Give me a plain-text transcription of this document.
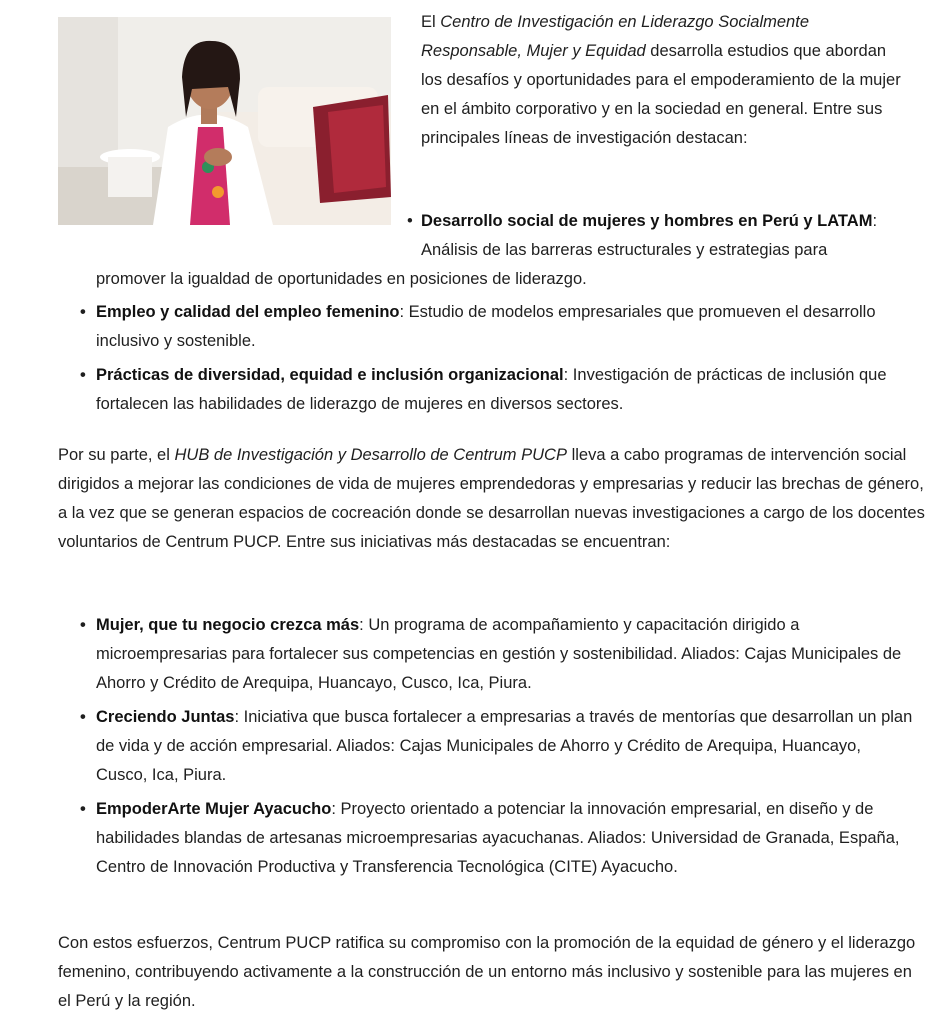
El Centro de Investigación en Liderazgo Socialmente Responsable, Mujer y Equidad desarrolla estudios que abordan los desafíos y oportunidades para el empoderamiento de la mujer en el ámbito corporativo y en la sociedad en general. Entre sus principales líneas de investigación destacan:

• Desarrollo social de mujeres y hombres en Perú y LATAM: Análisis de las barreras estructurales y estrategias para
promover la igualdad de oportunidades en posiciones de liderazgo.
• Empleo y calidad del empleo femenino: Estudio de modelos empresariales que promueven el desarrollo inclusivo y sostenible.
• Prácticas de diversidad, equidad e inclusión organizacional: Investigación de prácticas de inclusión que fortalecen las habilidades de liderazgo de mujeres en diversos sectores.

Por su parte, el HUB de Investigación y Desarrollo de Centrum PUCP lleva a cabo programas de intervención social dirigidos a mejorar las condiciones de vida de mujeres emprendedoras y empresarias y reducir las brechas de género, a la vez que se generan espacios de cocreación donde se desarrollan nuevas investigaciones a cargo de los docentes voluntarios de Centrum PUCP. Entre sus iniciativas más destacadas se encuentran:

• Mujer, que tu negocio crezca más: Un programa de acompañamiento y capacitación dirigido a microempresarias para fortalecer sus competencias en gestión y sostenibilidad. Aliados: Cajas Municipales de Ahorro y Crédito de Arequipa, Huancayo, Cusco, Ica, Piura.
• Creciendo Juntas: Iniciativa que busca fortalecer a empresarias a través de mentorías que desarrollan un plan de vida y de acción empresarial. Aliados: Cajas Municipales de Ahorro y Crédito de Arequipa, Huancayo, Cusco, Ica, Piura.
• EmpoderArte Mujer Ayacucho: Proyecto orientado a potenciar la innovación empresarial, en diseño y de habilidades blandas de artesanas microempresarias ayacuchanas. Aliados: Universidad de Granada, España, Centro de Innovación Productiva y Transferencia Tecnológica (CITE) Ayacucho.

Con estos esfuerzos, Centrum PUCP ratifica su compromiso con la promoción de la equidad de género y el liderazgo femenino, contribuyendo activamente a la construcción de un entorno más inclusivo y sostenible para las mujeres en el Perú y la región.
